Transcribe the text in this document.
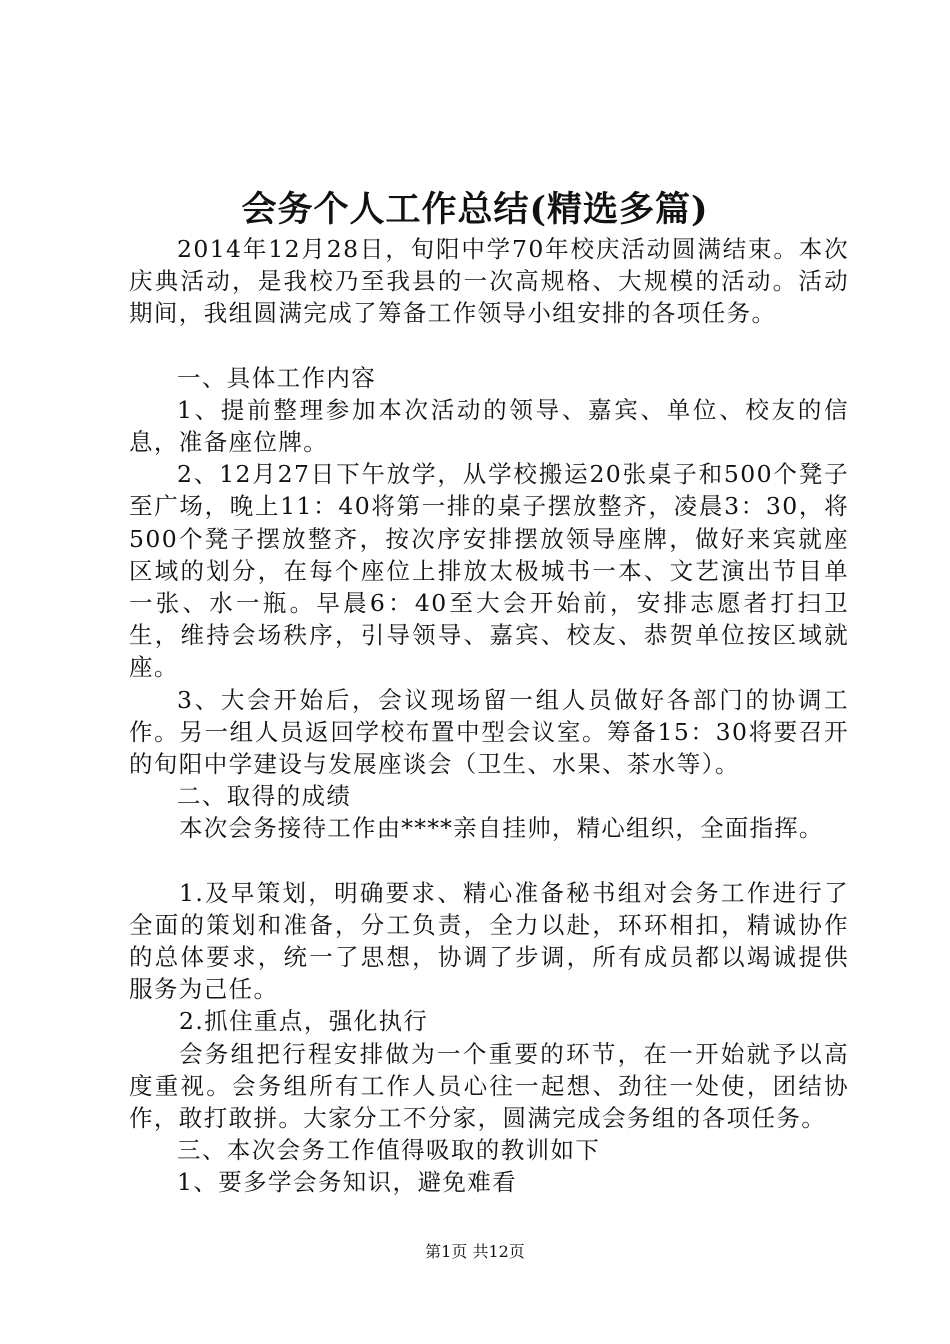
会务个人工作总结(精选多篇)

2014年12月28日，旬阳中学70年校庆活动圆满结束。本次庆典活动，是我校乃至我县的一次高规格、大规模的活动。活动期间，我组圆满完成了筹备工作领导小组安排的各项任务。

一、具体工作内容

1、提前整理参加本次活动的领导、嘉宾、单位、校友的信息，准备座位牌。

2、12月27日下午放学，从学校搬运20张桌子和500个凳子至广场，晚上11：40将第一排的桌子摆放整齐，凌晨3：30，将500个凳子摆放整齐，按次序安排摆放领导座牌，做好来宾就座区域的划分，在每个座位上排放太极城书一本、文艺演出节目单一张、水一瓶。早晨6：40至大会开始前，安排志愿者打扫卫生，维持会场秩序，引导领导、嘉宾、校友、恭贺单位按区域就座。

3、大会开始后，会议现场留一组人员做好各部门的协调工作。另一组人员返回学校布置中型会议室。筹备15：30将要召开的旬阳中学建设与发展座谈会（卫生、水果、茶水等）。

二、取得的成绩

本次会务接待工作由****亲自挂帅，精心组织，全面指挥。

1.及早策划，明确要求、精心准备秘书组对会务工作进行了全面的策划和准备，分工负责，全力以赴，环环相扣，精诚协作的总体要求，统一了思想，协调了步调，所有成员都以竭诚提供服务为己任。

2.抓住重点，强化执行

会务组把行程安排做为一个重要的环节，在一开始就予以高度重视。会务组所有工作人员心往一起想、劲往一处使，团结协作，敢打敢拼。大家分工不分家，圆满完成会务组的各项任务。

三、本次会务工作值得吸取的教训如下

1、要多学会务知识，避免难看

第1页 共12页
